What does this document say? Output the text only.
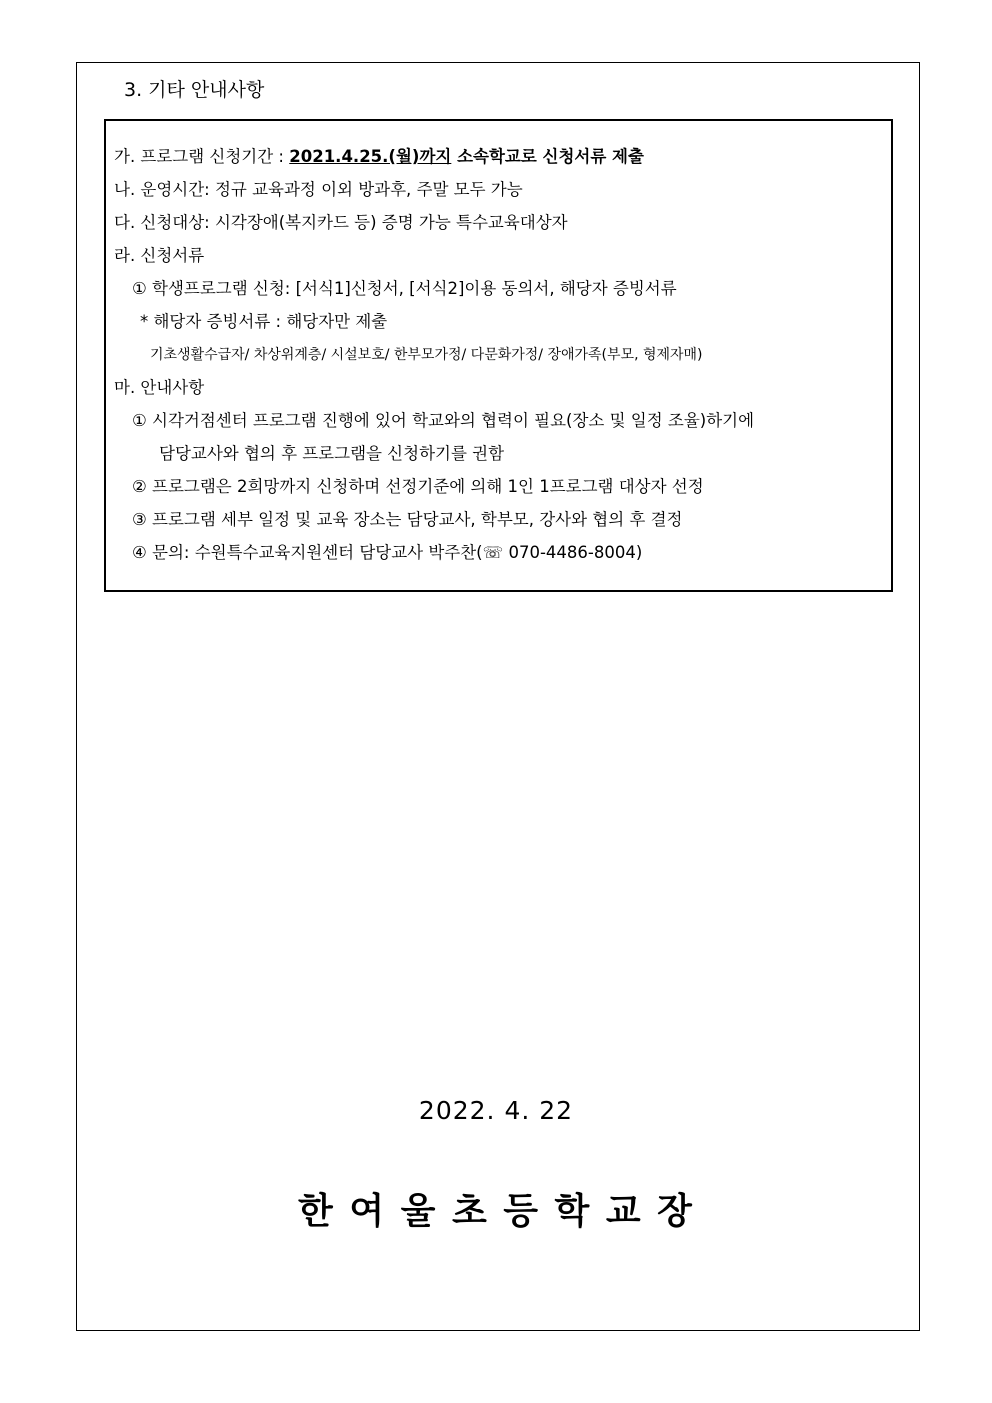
3. 기타 안내사항
가. 프로그램 신청기간 : 2021.4.25.(월)까지 소속학교로 신청서류 제출
나. 운영시간: 정규 교육과정 이외 방과후, 주말 모두 가능
다. 신청대상: 시각장애(복지카드 등) 증명 가능 특수교육대상자
라. 신청서류
① 학생프로그램 신청: [서식1]신청서, [서식2]이용 동의서, 해당자 증빙서류
* 해당자 증빙서류 : 해당자만 제출
기초생활수급자/ 차상위계층/ 시설보호/ 한부모가정/ 다문화가정/ 장애가족(부모, 형제자매)
마. 안내사항
① 시각거점센터 프로그램 진행에 있어 학교와의 협력이 필요(장소 및 일정 조율)하기에
담당교사와 협의 후 프로그램을 신청하기를 권함
② 프로그램은 2희망까지 신청하며 선정기준에 의해 1인 1프로그램 대상자 선정
③ 프로그램 세부 일정 및 교육 장소는 담당교사, 학부모, 강사와 협의 후 결정
④ 문의: 수원특수교육지원센터 담당교사 박주찬(☏ 070-4486-8004)
2022. 4. 22
한 여 울 초 등 학 교 장
